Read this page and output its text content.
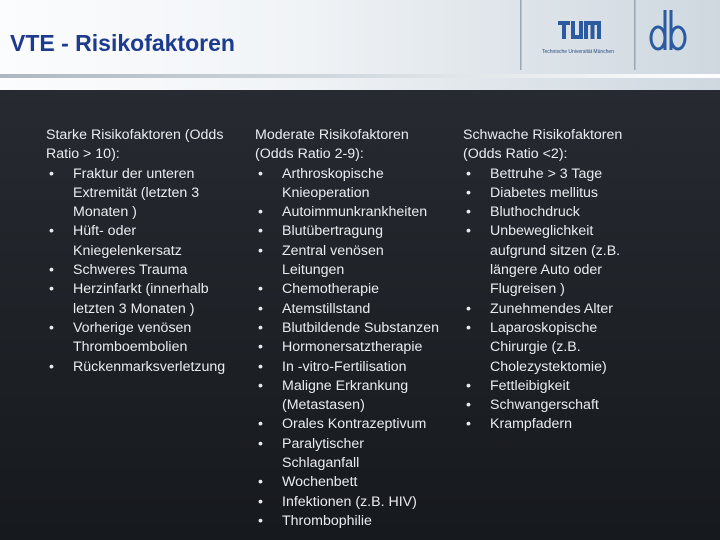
VTE - Risikofaktoren	Technische Universität München
Starke Risikofaktoren (Odds
Ratio > 10):
• Fraktur der unteren
Extremität (letzten 3
Monaten )
• Hüft- oder
Kniegelenkersatz
• Schweres Trauma
• Herzinfarkt (innerhalb
letzten 3 Monaten )
• Vorherige venösen
Thromboembolien
• Rückenmarksverletzung
Moderate Risikofaktoren
(Odds Ratio 2-9):
• Arthroskopische
Knieoperation
• Autoimmunkrankheiten
• Blutübertragung
• Zentral venösen
Leitungen
• Chemotherapie
• Atemstillstand
• Blutbildende Substanzen
• Hormonersatztherapie
• In -vitro-Fertilisation
• Maligne Erkrankung
(Metastasen)
• Orales Kontrazeptivum
• Paralytischer
Schlaganfall
• Wochenbett
• Infektionen (z.B. HIV)
• Thrombophilie
Schwache Risikofaktoren
(Odds Ratio <2):
• Bettruhe > 3 Tage
• Diabetes mellitus
• Bluthochdruck
• Unbeweglichkeit
aufgrund sitzen (z.B.
längere Auto oder
Flugreisen )
• Zunehmendes Alter
• Laparoskopische
Chirurgie (z.B.
Cholezystektomie)
• Fettleibigkeit
• Schwangerschaft
• Krampfadern
